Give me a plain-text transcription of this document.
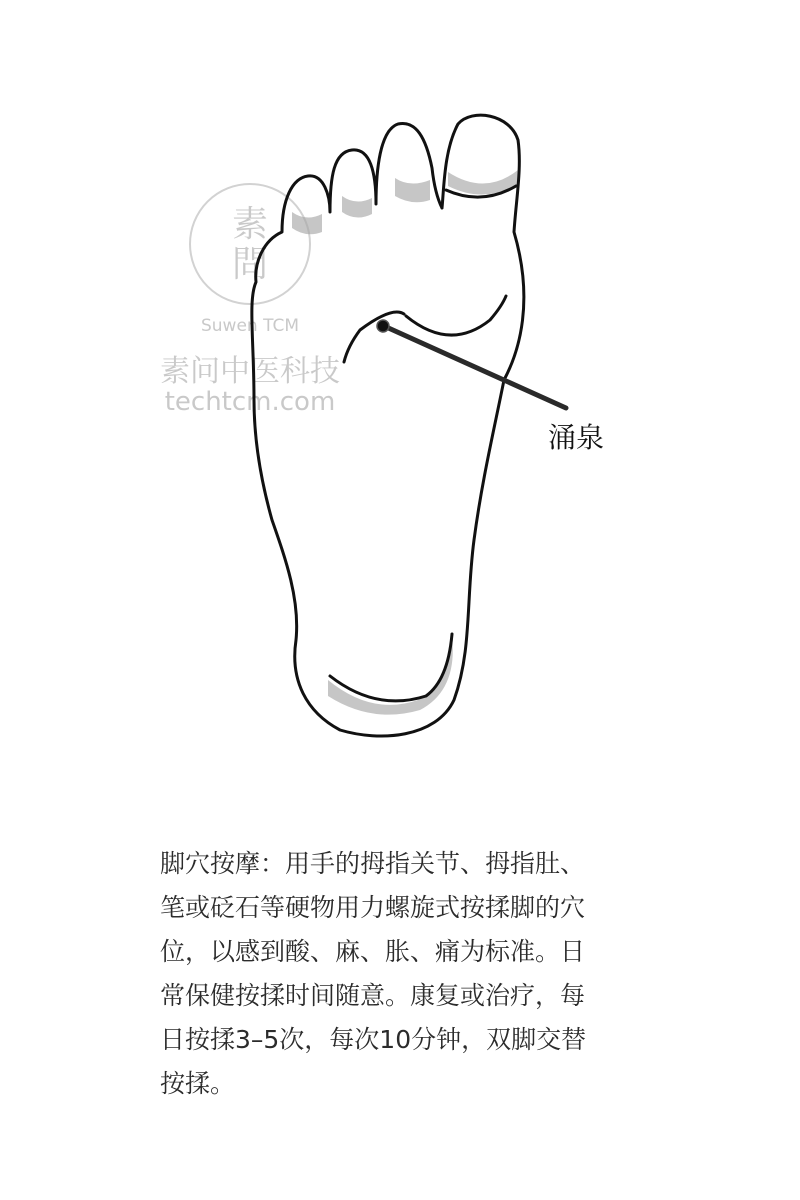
素
問
Suwen TCM
素问中医科技
techtcm.com
涌泉

脚穴按摩：用手的拇指关节、拇指肚、
笔或砭石等硬物用力螺旋式按揉脚的穴
位，以感到酸、麻、胀、痛为标准。日
常保健按揉时间随意。康复或治疗，每
日按揉3–5次，每次10分钟，双脚交替
按揉。
